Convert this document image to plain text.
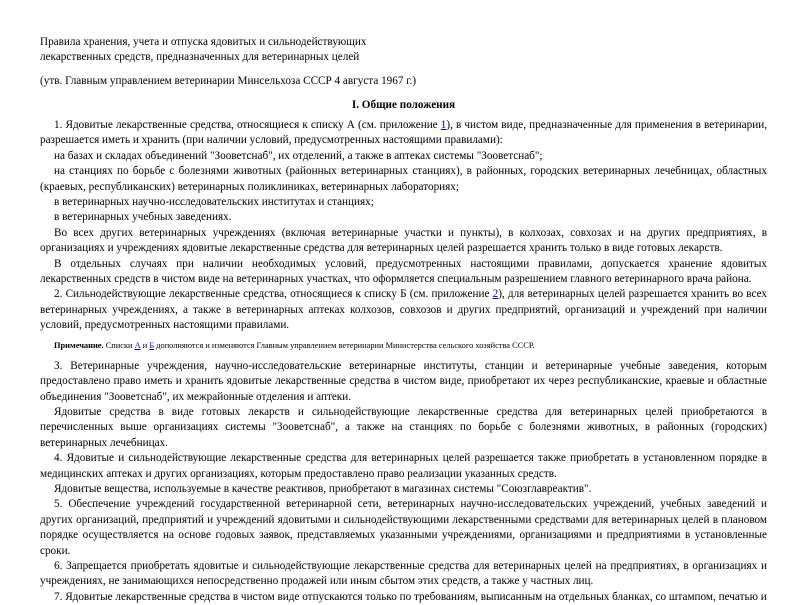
Правила хранения, учета и отпуска ядовитых и сильнодействующих
лекарственных средств, предназначенных для ветеринарных целей
(утв. Главным управлением ветеринарии Минсельхоза СССР 4 августа 1967 г.)
I. Общие положения

1. Ядовитые лекарственные средства, относящиеся к списку А (см. приложение 1), в чистом виде, предназначенные для применения в ветеринарии, разрешается иметь и хранить (при наличии условий, предусмотренных настоящими правилами):

на базах и складах объединений "Зооветснаб", их отделений, а также в аптеках системы "Зооветснаб";

на станциях по борьбе с болезнями животных (районных ветеринарных станциях), в районных, городских ветеринарных лечебницах, областных (краевых, республиканских) ветеринарных поликлиниках, ветеринарных лабораториях;

в ветеринарных научно-исследовательских институтах и станциях;

в ветеринарных учебных заведениях.

Во всех других ветеринарных учреждениях (включая ветеринарные участки и пункты), в колхозах, совхозах и на других предприятиях, в организациях и учреждениях ядовитые лекарственные средства для ветеринарных целей разрешается хранить только в виде готовых лекарств.

В отдельных случаях при наличии необходимых условий, предусмотренных настоящими правилами, допускается хранение ядовитых лекарственных средств в чистом виде на ветеринарных участках, что оформляется специальным разрешением главного ветеринарного врача района.

2. Сильнодействующие лекарственные средства, относящиеся к списку Б (см. приложение 2), для ветеринарных целей разрешается хранить во всех ветеринарных учреждениях, а также в ветеринарных аптеках колхозов, совхозов и других предприятий, организаций и учреждений при наличии условий, предусмотренных настоящими правилами.

Примечание. Списки А и Б дополняются и изменяются Главным управлением ветеринарии Министерства сельского хозяйства СССР.

3. Ветеринарные учреждения, научно-исследовательские ветеринарные институты, станции и ветеринарные учебные заведения, которым предоставлено право иметь и хранить ядовитые лекарственные средства в чистом виде, приобретают их через республиканские, краевые и областные объединения "Зооветснаб", их межрайонные отделения и аптеки.

Ядовитые средства в виде готовых лекарств и сильнодействующие лекарственные средства для ветеринарных целей приобретаются в перечисленных выше организациях системы "Зооветснаб", а также на станциях по борьбе с болезнями животных, в районных (городских) ветеринарных лечебницах.

4. Ядовитые и сильнодействующие лекарственные средства для ветеринарных целей разрешается также приобретать в установленном порядке в медицинских аптеках и других организациях, которым предоставлено право реализации указанных средств.

Ядовитые вещества, используемые в качестве реактивов, приобретают в магазинах системы "Союзглавреактив".

5. Обеспечение учреждений государственной ветеринарной сети, ветеринарных научно-исследовательских учреждений, учебных заведений и других организаций, предприятий и учреждений ядовитыми и сильнодействующими лекарственными средствами для ветеринарных целей в плановом порядке осуществляется на основе годовых заявок, представляемых указанными учреждениями, организациями и предприятиями в установленные сроки.

6. Запрещается приобретать ядовитые и сильнодействующие лекарственные средства для ветеринарных целей на предприятиях, в организациях и учреждениях, не занимающихся непосредственно продажей или иным сбытом этих средств, а также у частных лиц.

7. Ядовитые лекарственные средства в чистом виде отпускаются только по требованиям, выписанным на отдельных бланках, со штампом, печатью и
